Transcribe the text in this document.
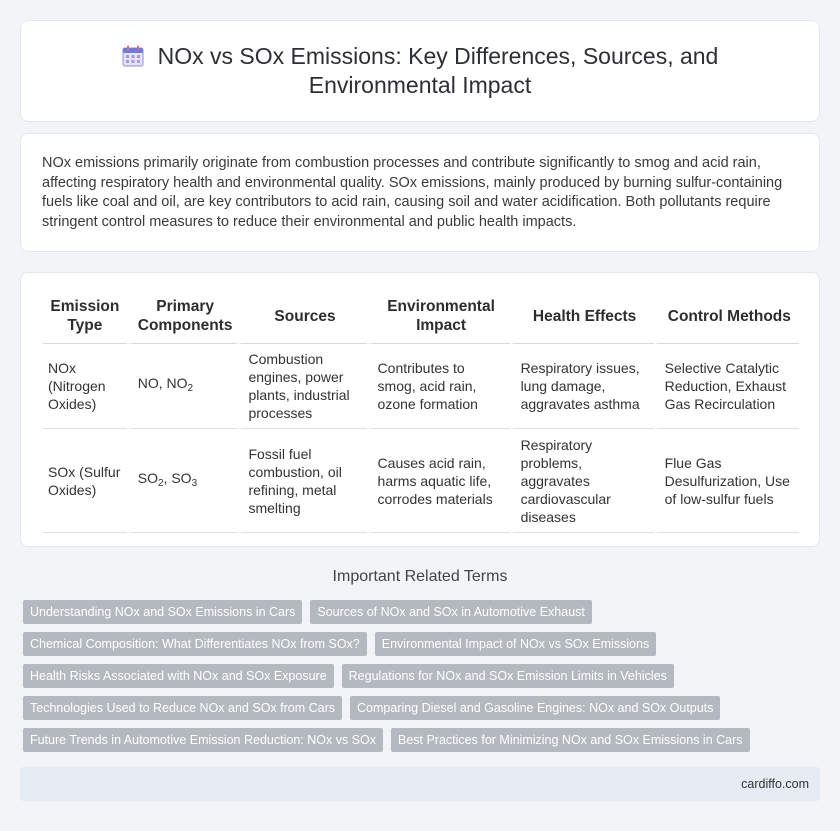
NOx vs SOx Emissions: Key Differences, Sources, and Environmental Impact

NOx emissions primarily originate from combustion processes and contribute significantly to smog and acid rain, affecting respiratory health and environmental quality. SOx emissions, mainly produced by burning sulfur-containing fuels like coal and oil, are key contributors to acid rain, causing soil and water acidification. Both pollutants require stringent control measures to reduce their environmental and public health impacts.

Emission Type	Primary Components	Sources	Environmental Impact	Health Effects	Control Methods
NOx (Nitrogen Oxides)	NO, $NO_2$	Combustion engines, power plants, industrial processes	Contributes to smog, acid rain, ozone formation	Respiratory issues, lung damage, aggravates asthma	Selective Catalytic Reduction, Exhaust Gas Recirculation
SOx (Sulfur Oxides)	$SO_2$, $SO_3$	Fossil fuel combustion, oil refining, metal smelting	Causes acid rain, harms aquatic life, corrodes materials	Respiratory problems, aggravates cardiovascular diseases	Flue Gas Desulfurization, Use of low-sulfur fuels
Important Related Terms
Understanding NOx and SOx Emissions in Cars	Sources of NOx and SOx in Automotive Exhaust
Chemical Composition: What Differentiates NOx from SOx?	Environmental Impact of NOx vs SOx Emissions
Health Risks Associated with NOx and SOx Exposure	Regulations for NOx and SOx Emission Limits in Vehicles
Technologies Used to Reduce NOx and SOx from Cars	Comparing Diesel and Gasoline Engines: NOx and SOx Outputs
Future Trends in Automotive Emission Reduction: NOx vs SOx	Best Practices for Minimizing NOx and SOx Emissions in Cars
cardiffo.com
